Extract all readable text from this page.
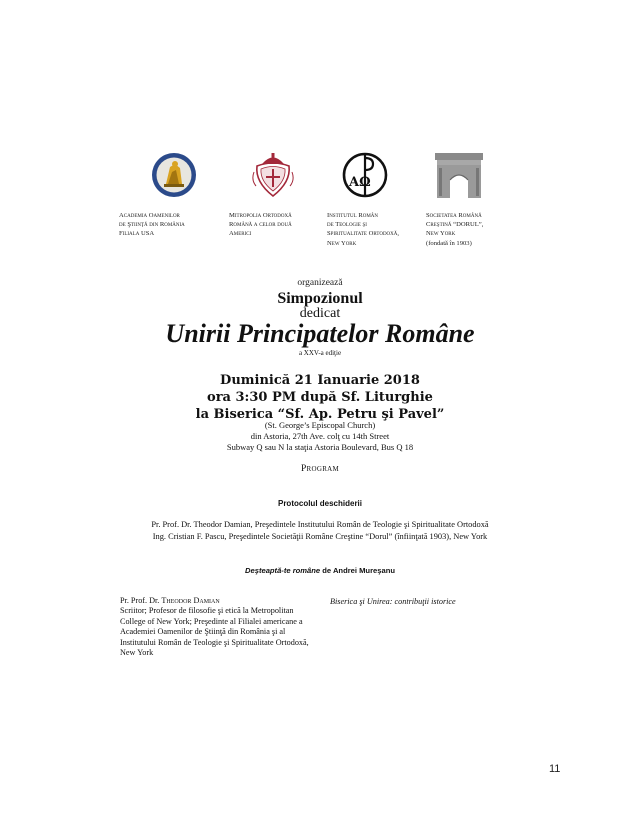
ΑΩ
Academia Oamenilor
de Ştiinţă din România
Filiala USA
Mitropolia Ortodoxă
Română a celor două
Americi
Institutul Român
de Teologie şi
Spiritualitate Ortodoxă,
New York
Societatea Română
Creştină “DORUL”,
New York
(fondată în 1903)
organizează
Simpozionul
dedicat
Unirii Principatelor Române
a XXV-a ediţie
Duminică 21 Ianuarie 2018
ora 3:30 PM după Sf. Liturghie
la Biserica “Sf. Ap. Petru şi Pavel”
(St. George’s Episcopal Church)
din Astoria, 27th Ave. colţ cu 14th Street
Subway Q sau N la staţia Astoria Boulevard, Bus Q 18
Program
Protocolul deschiderii
Pr. Prof. Dr. Theodor Damian, Preşedintele Institutului Român de Teologie şi Spiritualitate Ortodoxă
Ing. Cristian F. Pascu, Preşedintele Societăţii Române Creştine “Dorul” (înfiinţată 1903), New York
Deşteaptă-te române de Andrei Mureşanu
Pr. Prof. Dr. Theodor Damian
Scriitor; Profesor de filosofie şi etică la Metropolitan
College of New York; Preşedinte al Filialei americane a
Academiei Oamenilor de Ştiinţă din România şi al
Institutului Român de Teologie şi Spiritualitate Ortodoxă,
New York
Biserica şi Unirea: contribuţii istorice
11
